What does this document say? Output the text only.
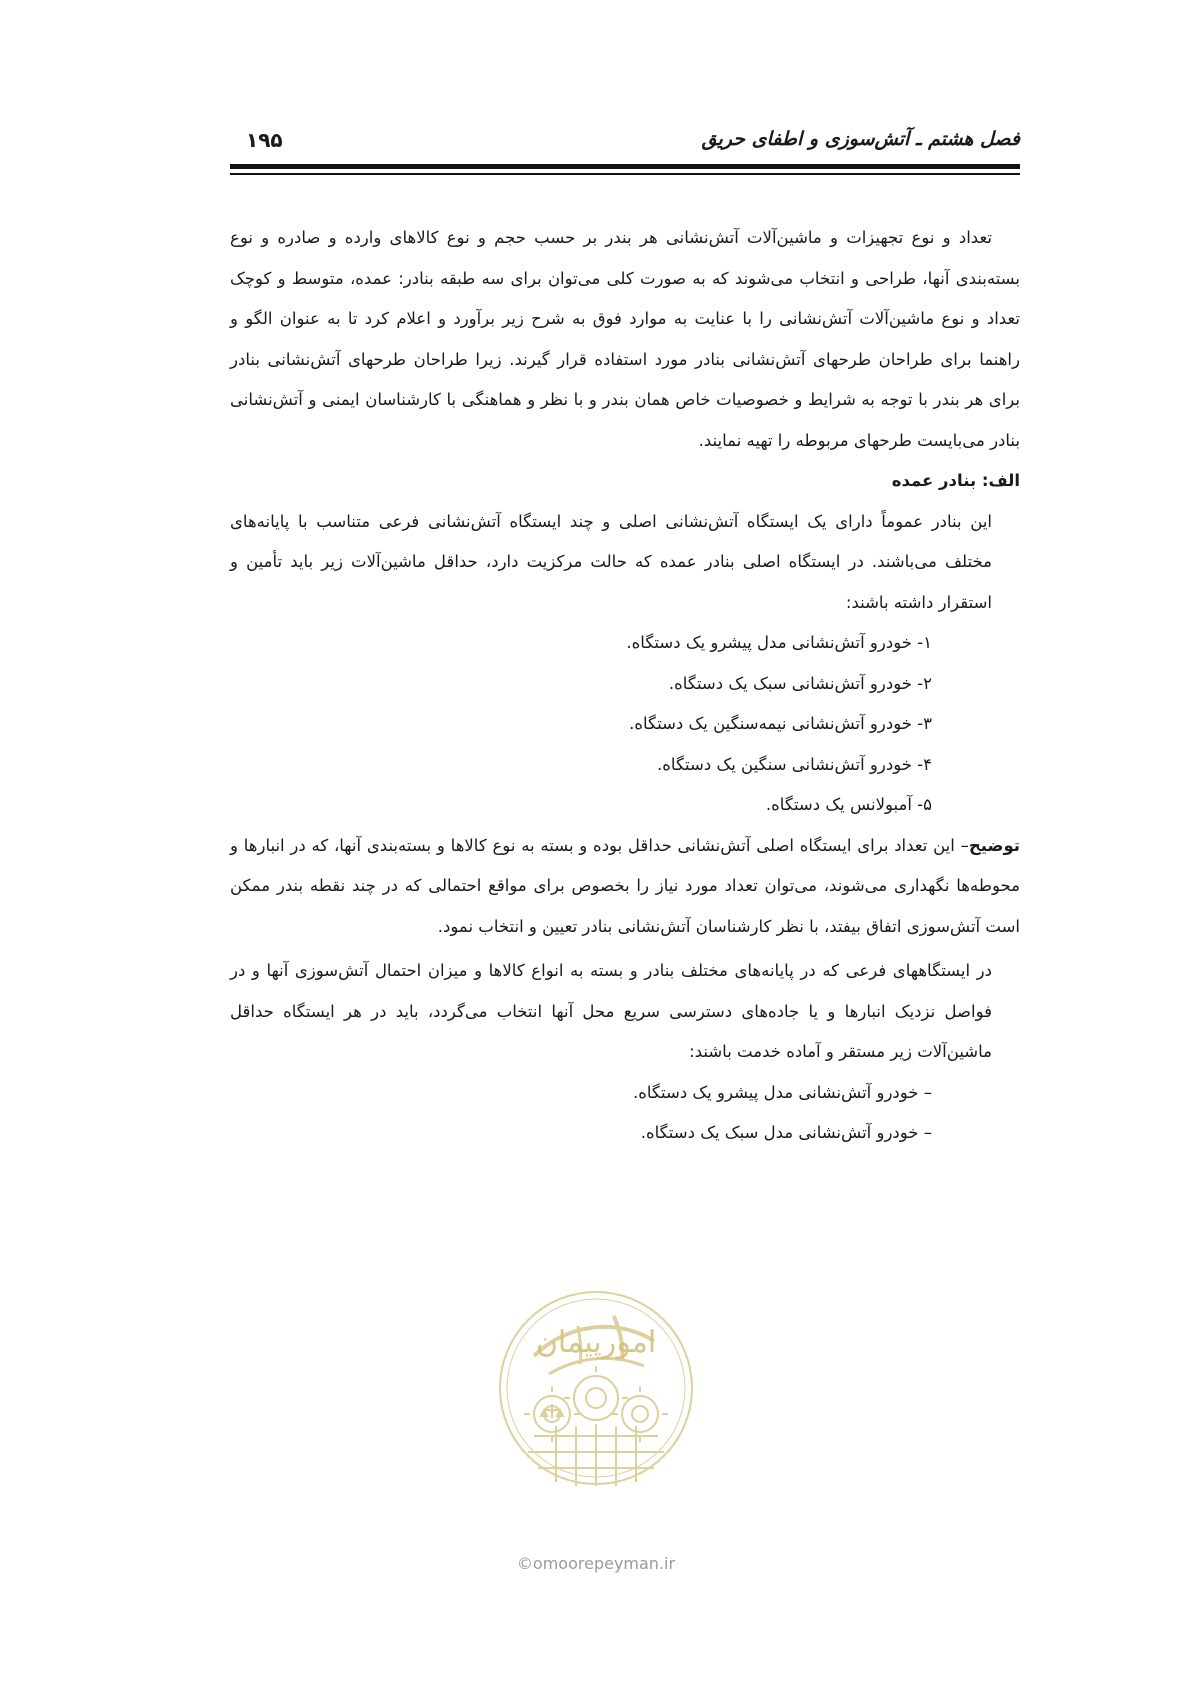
فصل هشتم ـ آتش‌سوزی و اطفای حریق
۱۹۵

تعداد و نوع تجهیزات و ماشین‌آلات آتش‌نشانی هر بندر بر حسب حجم و نوع کالاهای وارده و صادره و نوع بسته‌بندی آنها، طراحی و انتخاب می‌شوند که به صورت کلی می‌توان برای سه طبقه بنادر: عمده، متوسط و کوچک تعداد و نوع ماشین‌آلات آتش‌نشانی را با عنایت به موارد فوق به شرح زیر برآورد و اعلام کرد تا به عنوان الگو و راهنما برای طراحان طرحهای آتش‌نشانی بنادر مورد استفاده قرار گیرند. زیرا طراحان طرحهای آتش‌نشانی بنادر برای هر بندر با توجه به شرایط و خصوصیات خاص همان بندر و با نظر و هماهنگی با کارشناسان ایمنی و آتش‌نشانی بنادر می‌بایست طرحهای مربوطه را تهیه نمایند.

الف: بنادر عمده

این بنادر عموماً دارای یک ایستگاه آتش‌نشانی اصلی و چند ایستگاه آتش‌نشانی فرعی متناسب با پایانه‌های مختلف می‌باشند. در ایستگاه اصلی بنادر عمده که حالت مرکزیت دارد، حداقل ماشین‌آلات زیر باید تأمین و استقرار داشته باشند:

۱- خودرو آتش‌نشانی مدل پیشرو یک دستگاه.

۲- خودرو آتش‌نشانی سبک یک دستگاه.

۳- خودرو آتش‌نشانی نیمه‌سنگین یک دستگاه.

۴- خودرو آتش‌نشانی سنگین یک دستگاه.

۵- آمبولانس یک دستگاه.

توضیح– این تعداد برای ایستگاه اصلی آتش‌نشانی حداقل بوده و بسته به نوع کالاها و بسته‌بندی آنها، که در انبارها و محوطه‌ها نگهداری می‌شوند، می‌توان تعداد مورد نیاز را بخصوص برای مواقع احتمالی که در چند نقطه بندر ممکن است آتش‌سوزی اتفاق بیفتد، با نظر کارشناسان آتش‌نشانی بنادر تعیین و انتخاب نمود.

در ایستگاههای فرعی که در پایانه‌های مختلف بنادر و بسته به انواع کالاها و میزان احتمال آتش‌سوزی آنها و در فواصل نزدیک انبارها و یا جاده‌های دسترسی سریع محل آنها انتخاب می‌گردد، باید در هر ایستگاه حداقل ماشین‌آلات زیر مستقر و آماده خدمت باشند:

– خودرو آتش‌نشانی مدل پیشرو یک دستگاه.

– خودرو آتش‌نشانی مدل سبک یک دستگاه.

امورپیمان
©omoorepeyman.ir
